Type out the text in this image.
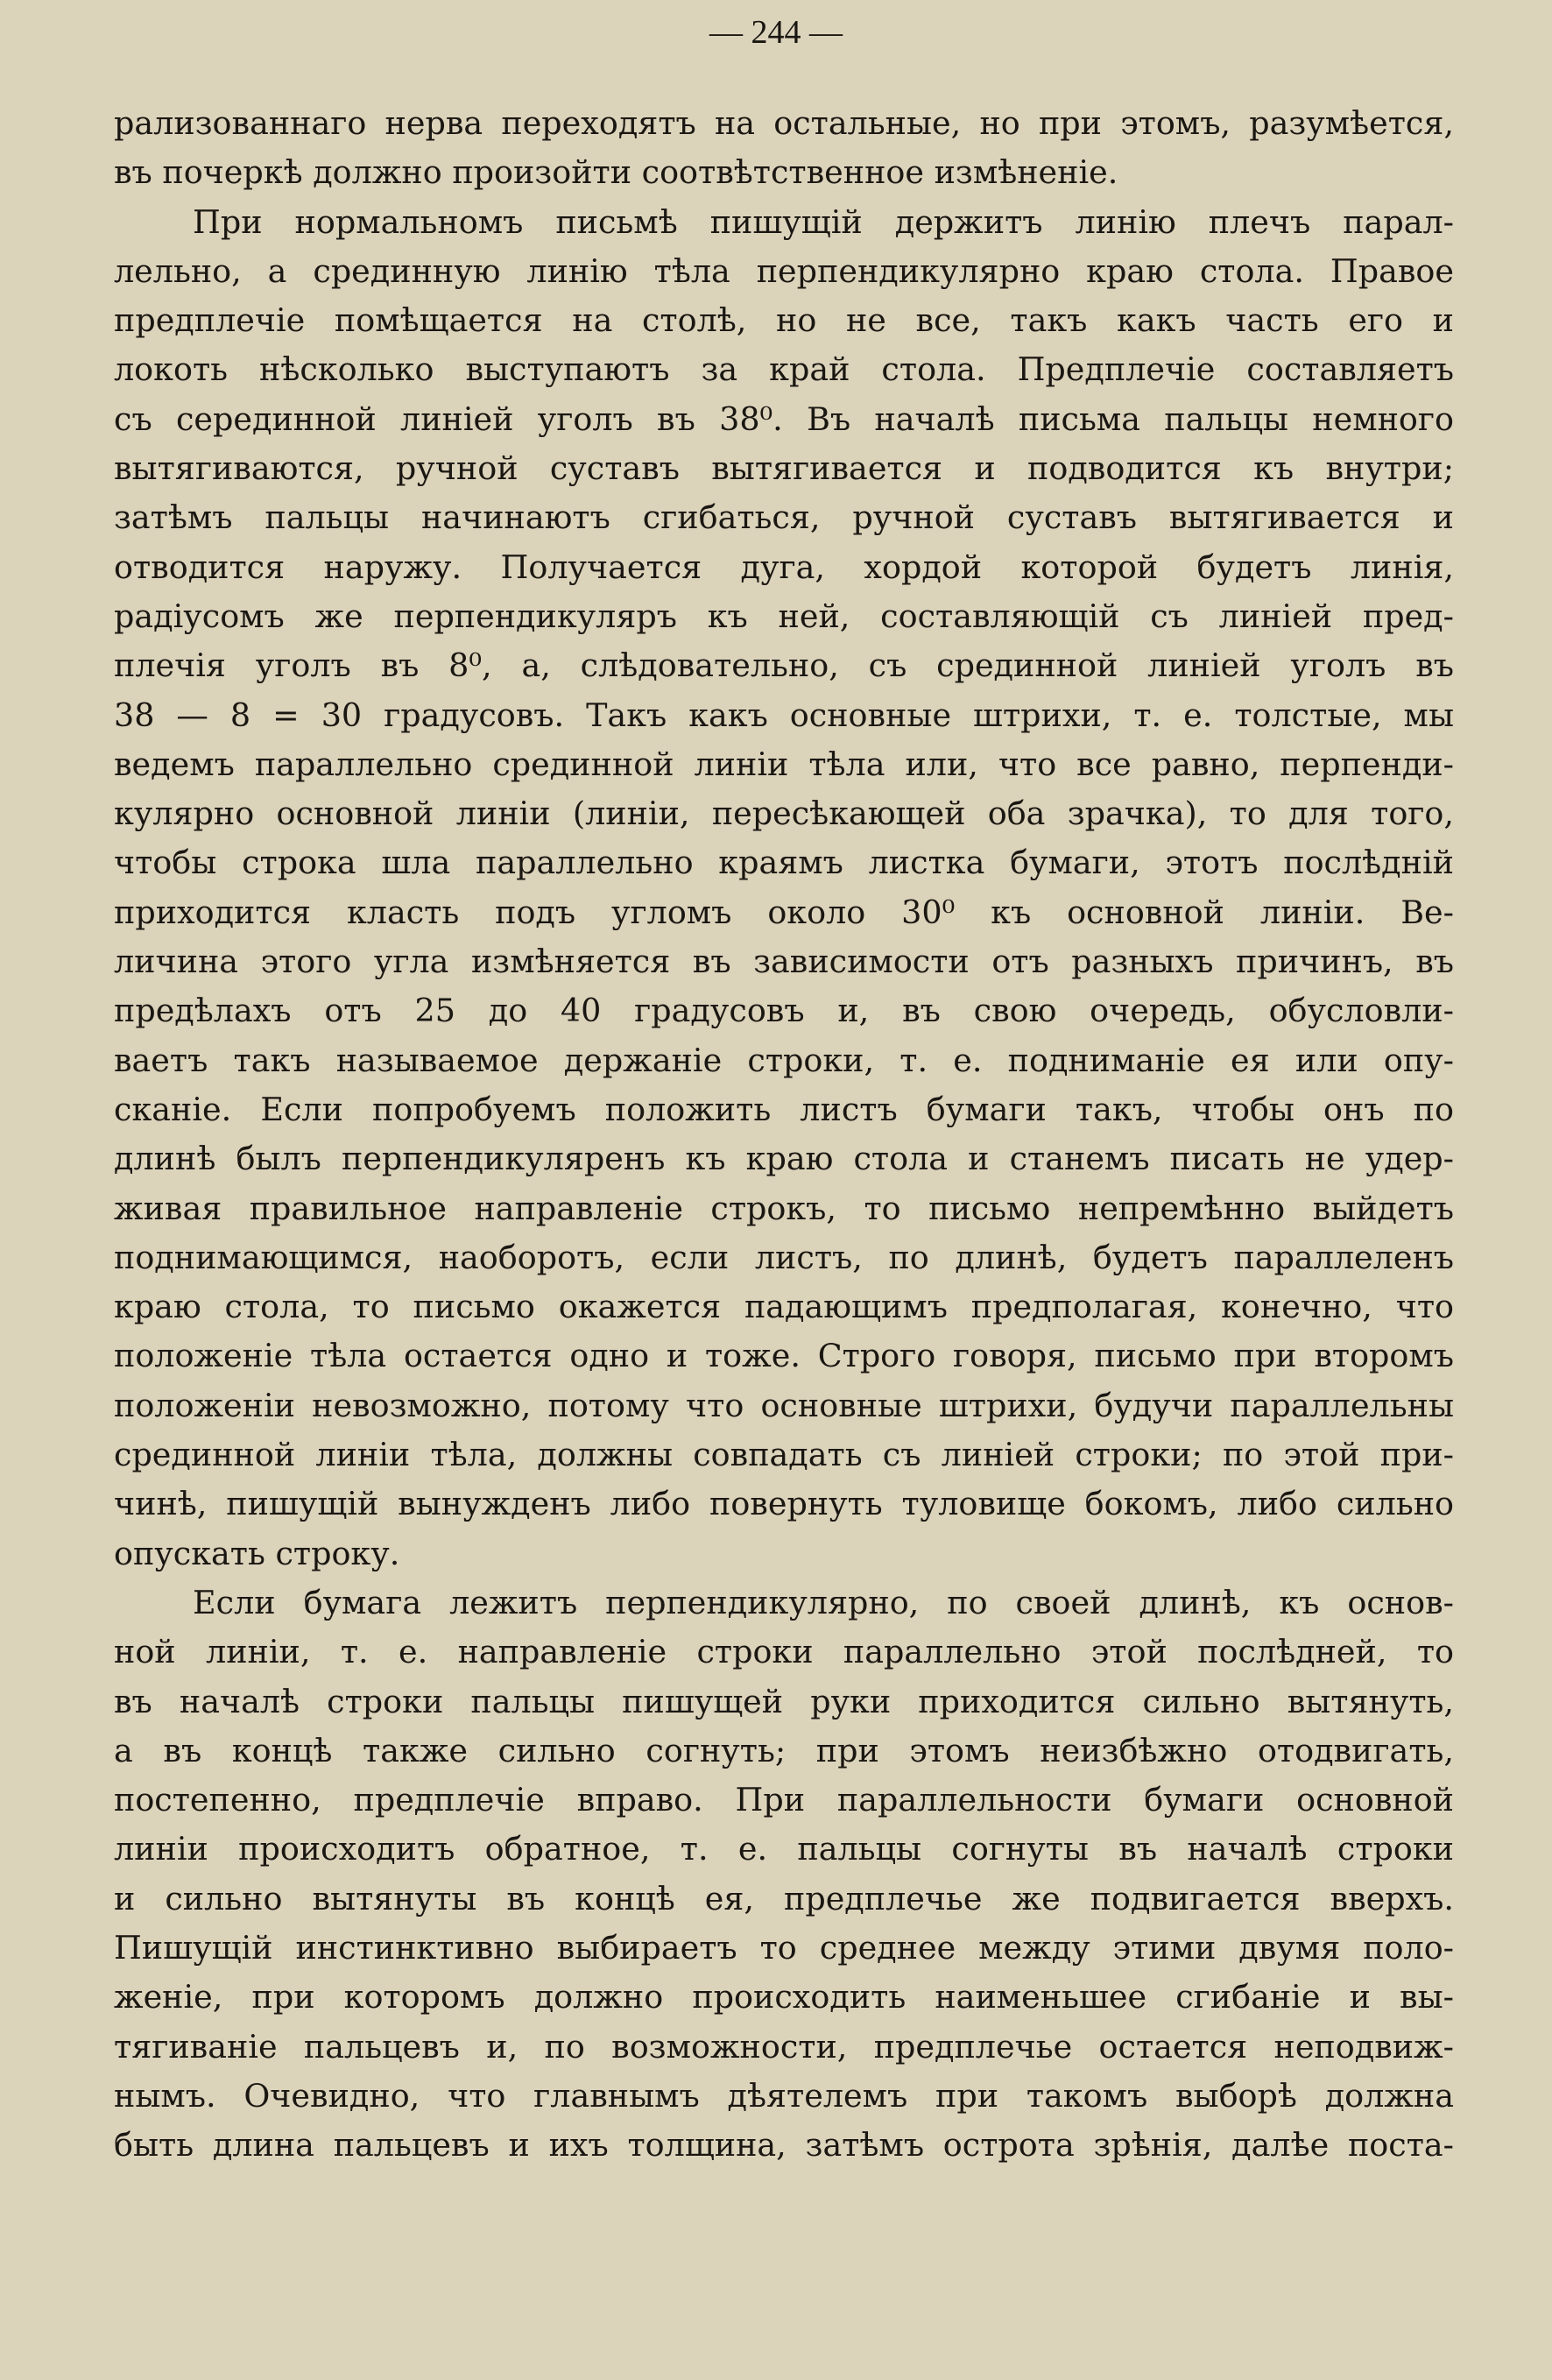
— 244 —
рализованнаго нерва переходятъ на остальные, но при этомъ, разумѣется,
въ почеркѣ должно произойти соотвѣтственное измѣненіе.
При нормальномъ письмѣ пишущій держитъ линію плечъ парал-
лельно, а срединную линію тѣла перпендикулярно краю стола. Правое
предплечіе помѣщается на столѣ, но не все, такъ какъ часть его и
локоть нѣсколько выступаютъ за край стола. Предплечіе составляетъ
съ серединной линіей уголъ въ 38⁰. Въ началѣ письма пальцы немного
вытягиваются, ручной суставъ вытягивается и подводится къ внутри;
затѣмъ пальцы начинаютъ сгибаться, ручной суставъ вытягивается и
отводится наружу. Получается дуга, хордой которой будетъ линія,
радіусомъ же перпендикуляръ къ ней, составляющій съ линіей пред-
плечія уголъ въ 8⁰, а, слѣдовательно, съ срединной линіей уголъ въ
38 — 8 = 30 градусовъ. Такъ какъ основные штрихи, т. е. толстые, мы
ведемъ параллельно срединной линіи тѣла или, что все равно, перпенди-
кулярно основной линіи (линіи, пересѣкающей оба зрачка), то для того,
чтобы строка шла параллельно краямъ листка бумаги, этотъ послѣдній
приходится класть подъ угломъ около 30⁰ къ основной линіи. Ве-
личина этого угла измѣняется въ зависимости отъ разныхъ причинъ, въ
предѣлахъ отъ 25 до 40 градусовъ и, въ свою очередь, обусловли-
ваетъ такъ называемое держаніе строки, т. е. подниманіе ея или опу-
сканіе. Если попробуемъ положить листъ бумаги такъ, чтобы онъ по
длинѣ былъ перпендикуляренъ къ краю стола и станемъ писать не удер-
живая правильное направленіе строкъ, то письмо непремѣнно выйдетъ
поднимающимся, наоборотъ, если листъ, по длинѣ, будетъ параллеленъ
краю стола, то письмо окажется падающимъ предполагая, конечно, что
положеніе тѣла остается одно и тоже. Строго говоря, письмо при второмъ
положеніи невозможно, потому что основные штрихи, будучи параллельны
срединной линіи тѣла, должны совпадать съ линіей строки; по этой при-
чинѣ, пишущій вынужденъ либо повернуть туловище бокомъ, либо сильно
опускать строку.
Если бумага лежитъ перпендикулярно, по своей длинѣ, къ основ-
ной линіи, т. е. направленіе строки параллельно этой послѣдней, то
въ началѣ строки пальцы пишущей руки приходится сильно вытянуть,
а въ концѣ также сильно согнуть; при этомъ неизбѣжно отодвигать,
постепенно, предплечіе вправо. При параллельности бумаги основной
линіи происходитъ обратное, т. е. пальцы согнуты въ началѣ строки
и сильно вытянуты въ концѣ ея, предплечье же подвигается вверхъ.
Пишущій инстинктивно выбираетъ то среднее между этими двумя поло-
женіе, при которомъ должно происходить наименьшее сгибаніе и вы-
тягиваніе пальцевъ и, по возможности, предплечье остается неподвиж-
нымъ. Очевидно, что главнымъ дѣятелемъ при такомъ выборѣ должна
быть длина пальцевъ и ихъ толщина, затѣмъ острота зрѣнія, далѣе поста-
